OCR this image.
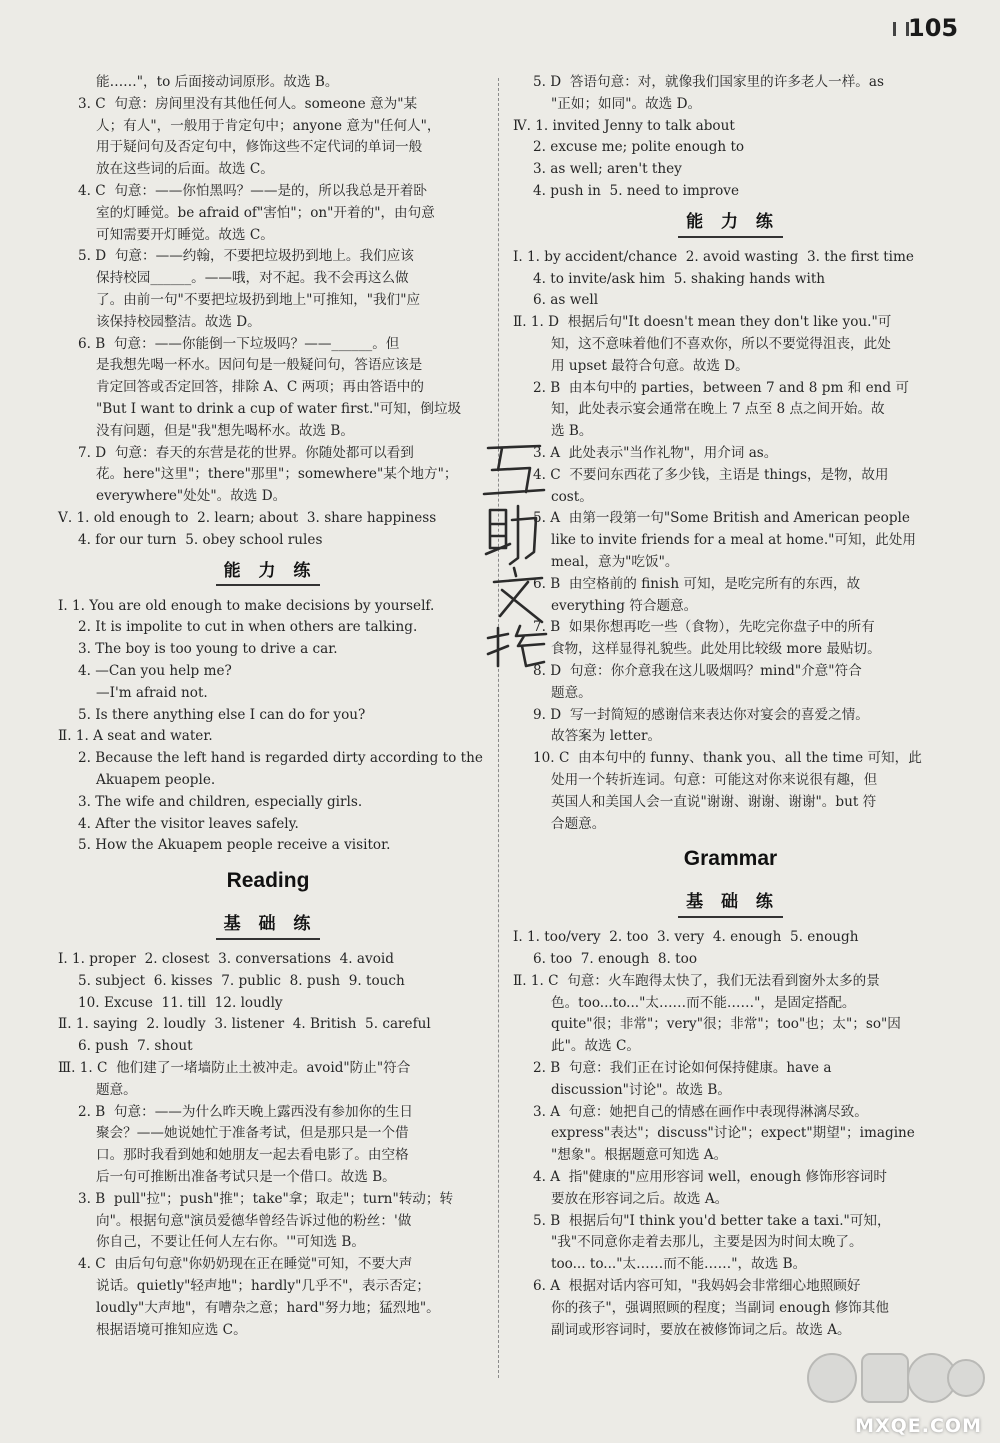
105
能……"，to 后面接动词原形。故选 B。
3. C  句意：房间里没有其他任何人。someone 意为"某
人；有人"，一般用于肯定句中；anyone 意为"任何人"，
用于疑问句及否定句中，修饰这些不定代词的单词一般
放在这些词的后面。故选 C。
4. C  句意：——你怕黑吗？——是的，所以我总是开着卧
室的灯睡觉。be afraid of"害怕"；on"开着的"，由句意
可知需要开灯睡觉。故选 C。
5. D  句意：——约翰，不要把垃圾扔到地上。我们应该
保持校园______。——哦，对不起。我不会再这么做
了。由前一句"不要把垃圾扔到地上"可推知，"我们"应
该保持校园整洁。故选 D。
6. B  句意：——你能倒一下垃圾吗？——______。但
是我想先喝一杯水。因问句是一般疑问句，答语应该是
肯定回答或否定回答，排除 A、C 两项；再由答语中的
"But I want to drink a cup of water first."可知，倒垃圾
没有问题，但是"我"想先喝杯水。故选 B。
7. D  句意：春天的东营是花的世界。你随处都可以看到
花。here"这里"；there"那里"；somewhere"某个地方"；
everywhere"处处"。故选 D。
Ⅴ. 1. old enough to  2. learn; about  3. share happiness
4. for our turn  5. obey school rules
能 力 练
Ⅰ. 1. You are old enough to make decisions by yourself.
2. It is impolite to cut in when others are talking.
3. The boy is too young to drive a car.
4. —Can you help me?
—I'm afraid not.
5. Is there anything else I can do for you?
Ⅱ. 1. A seat and water.
2. Because the left hand is regarded dirty according to the
Akuapem people.
3. The wife and children, especially girls.
4. After the visitor leaves safely.
5. How the Akuapem people receive a visitor.
Reading
基 础 练
Ⅰ. 1. proper  2. closest  3. conversations  4. avoid
5. subject  6. kisses  7. public  8. push  9. touch
10. Excuse  11. till  12. loudly
Ⅱ. 1. saying  2. loudly  3. listener  4. British  5. careful
6. push  7. shout
Ⅲ. 1. C  他们建了一堵墙防止土被冲走。avoid"防止"符合
题意。
2. B  句意：——为什么昨天晚上露西没有参加你的生日
聚会？——她说她忙于准备考试，但是那只是一个借
口。那时我看到她和她朋友一起去看电影了。由空格
后一句可推断出准备考试只是一个借口。故选 B。
3. B  pull"拉"；push"推"；take"拿；取走"；turn"转动；转
向"。根据句意"演员爱德华曾经告诉过他的粉丝：'做
你自己，不要让任何人左右你。'"可知选 B。
4. C  由后句句意"你奶奶现在正在睡觉"可知，不要大声
说话。quietly"轻声地"；hardly"几乎不"，表示否定；
loudly"大声地"，有嘈杂之意；hard"努力地；猛烈地"。
根据语境可推知应选 C。
5. D  答语句意：对，就像我们国家里的许多老人一样。as
"正如；如同"。故选 D。
Ⅳ. 1. invited Jenny to talk about
2. excuse me; polite enough to
3. as well; aren't they
4. push in  5. need to improve
能 力 练
Ⅰ. 1. by accident/chance  2. avoid wasting  3. the first time
4. to invite/ask him  5. shaking hands with
6. as well
Ⅱ. 1. D  根据后句"It doesn't mean they don't like you."可
知，这不意味着他们不喜欢你，所以不要觉得沮丧，此处
用 upset 最符合句意。故选 D。
2. B  由本句中的 parties，between 7 and 8 pm 和 end 可
知，此处表示宴会通常在晚上 7 点至 8 点之间开始。故
选 B。
3. A  此处表示"当作礼物"，用介词 as。
4. C  不要问东西花了多少钱，主语是 things，是物，故用
cost。
5. A  由第一段第一句"Some British and American people
like to invite friends for a meal at home."可知，此处用
meal，意为"吃饭"。
6. B  由空格前的 finish 可知，是吃完所有的东西，故
everything 符合题意。
7. B  如果你想再吃一些（食物），先吃完你盘子中的所有
食物，这样显得礼貌些。此处用比较级 more 最贴切。
8. D  句意：你介意我在这儿吸烟吗？mind"介意"符合
题意。
9. D  写一封简短的感谢信来表达你对宴会的喜爱之情。
故答案为 letter。
10. C  由本句中的 funny、thank you、all the time 可知，此
处用一个转折连词。句意：可能这对你来说很有趣，但
英国人和美国人会一直说"谢谢、谢谢、谢谢"。but 符
合题意。
Grammar
基 础 练
Ⅰ. 1. too/very  2. too  3. very  4. enough  5. enough
6. too  7. enough  8. too
Ⅱ. 1. C  句意：火车跑得太快了，我们无法看到窗外太多的景
色。too...to..."太……而不能……"，是固定搭配。
quite"很；非常"；very"很；非常"；too"也；太"；so"因
此"。故选 C。
2. B  句意：我们正在讨论如何保持健康。have a
discussion"讨论"。故选 B。
3. A  句意：她把自己的情感在画作中表现得淋漓尽致。
express"表达"；discuss"讨论"；expect"期望"；imagine
"想象"。根据题意可知选 A。
4. A  指"健康的"应用形容词 well，enough 修饰形容词时
要放在形容词之后。故选 A。
5. B  根据后句"I think you'd better take a taxi."可知，
"我"不同意你走着去那儿，主要是因为时间太晚了。
too... to..."太……而不能……"，故选 B。
6. A  根据对话内容可知，"我妈妈会非常细心地照顾好
你的孩子"，强调照顾的程度；当副词 enough 修饰其他
副词或形容词时，要放在被修饰词之后。故选 A。
MXQE.COM
